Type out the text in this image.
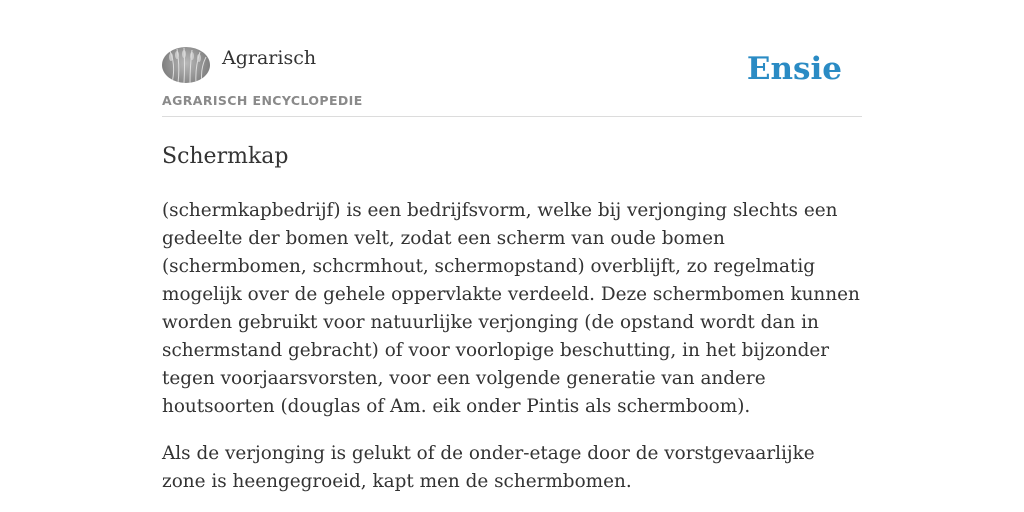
Agrarisch
AGRARISCH ENCYCLOPEDIE
Ensie
Schermkap

(schermkapbedrijf) is een bedrijfsvorm, welke bij verjonging slechts een gedeelte der bomen velt, zodat een scherm van oude bomen (schermbomen, schcrmhout, schermopstand) overblijft, zo regelmatig mogelijk over de gehele oppervlakte verdeeld. Deze schermbomen kunnen worden gebruikt voor natuurlijke verjonging (de opstand wordt dan in schermstand gebracht) of voor voorlopige beschutting, in het bijzonder tegen voorjaarsvorsten, voor een volgende generatie van andere houtsoorten (douglas of Am. eik onder Pintis als schermboom).

Als de verjonging is gelukt of de onder-etage door de vorstgevaarlijke zone is heengegroeid, kapt men de schermbomen.
